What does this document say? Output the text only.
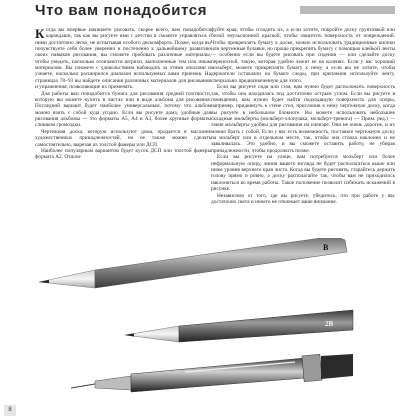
Что вам понадобится

Когда вы впервые начинаете рисовать, скорее всего, вам понадобятся карандаши, так как вы рисуете ими с детства и сможете управляться с ними достаточно легко, не испытывая особого дискомфорта. Позже, когда вы почувствуете себя более уверенно и постепенно к дальнейшему развитию своих навыков рисования, вы сможете пробовать различные материалы, чтобы увидеть, насколько отличаются штрихи, выполненные тем или иным материалом. Вы сможете с удовольствием наблюдать за этими опытами и узнаете, насколько расширился диапазон используемых вами приемов. На страницах 78–93 вы найдете описания различных материалов для рисования и упражнения, позволяющие их применять.

Для работы вам понадобится бумага для рисования средней плотности, которую вы можете купить в листах или в виде альбома для рисования. Последний вариант будет наиболее универсальным, потому что альбом можно взять с собой куда угодно. Если вы рисуете дома, удобные для рисования альбомы — это форматы А5, А4 и А3, более крупные форматы слишком громоздки.

Чертежная доска, которую используют дома, продается в магазине художественных принадлежностей, но ее также можно сделать самостоятельно, вырезав из толстой фанеры или ДСП.

Наиболее популярным вариантом будет кусок ДСП или толстой фанеры формата А2. Отшли-

фуйте края, чтобы сгладить их, а если хотите, покройте доску грунтовкой или белой эмульсионной краской, чтобы защитить поверхность от повреждений. Чтобы прикреплять бумагу к доске, можно использовать традиционные кнопки или чертежные булавки, но проще прикрепить бумагу с помощью клейкой ленты — особенно если вы будете рисовать при сидении — или сделайте доску переносной, такую, которая удобно лежит ее на коленях. Если у вас хороший мольберт, можете прикреплять бумагу к нему, а если вы не хотите, чтобы держатели оставляли на бумаге следы, при креплении используйте ленту, специально предназначенную для этого.

Если вы рисуете сидя или стоя, вам нужно будет расположить поверхность так, чтобы она находилась под достаточно острым углом. Если вы рисуете в помещении, вам нужно будет найти подходящую поверхность для опоры, например, придвинуть к стене стол, прислонив к нему чертежную доску, когда вы рисуете в небольшом блокноте. Вы можете использовать небольшие складные мольберты (мольберт-хлопушка, мольберт-тренога) — Прим. ред.) — такие мольберты удобны для рисования на пленэре. Они не очень дорогие, и их можно брать с собой. Если у вас есть возможность, поставьте чертежную доску на мольберт или в отдельном месте, так, чтобы она стояла наклонно и не заваливалась. Это удобно, и вы сможете оставить работу, не убирая принадлежности, чтобы продолжить позже.

Если вы рисуете на улице, вам потребуется мольберт или более неформальную опору, линия вашего взгляда не будет располагаться выше или ниже уровня верхнего края листа. Когда вы будете рисовать, старайтесь держать голову прямо и ровно, а доску располагайте так, чтобы вам не приходилось наклоняться во время работы. Такое положение позволит избежать искажений в рисунке.

Независимо от того, где вы рисуете, убедитесь, что при работе у вас достаточно света и ничего не отвлекает ваше внимание.

B
2B
8
